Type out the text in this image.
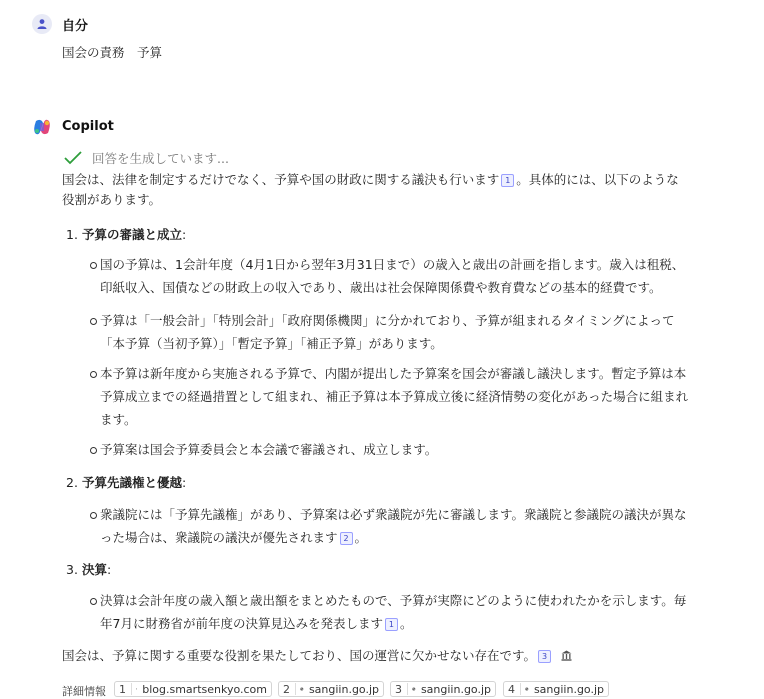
自分
国会の責務　予算
Copilot
回答を生成しています...
国会は、法律を制定するだけでなく、予算や国の財政に関する議決も行います 1 。具体的には、以下のような
役割があります。
1. 予算の審議と成立:
国の予算は、1会計年度（4月1日から翌年3月31日まで）の歳入と歳出の計画を指します。歳入は租税、
印紙収入、国債などの財政上の収入であり、歳出は社会保障関係費や教育費などの基本的経費です。
予算は「一般会計」「特別会計」「政府関係機関」に分かれており、予算が組まれるタイミングによって
「本予算（当初予算）」「暫定予算」「補正予算」があります。
本予算は新年度から実施される予算で、内閣が提出した予算案を国会が審議し議決します。暫定予算は本
予算成立までの経過措置として組まれ、補正予算は本予算成立後に経済情勢の変化があった場合に組まれ
ます。
予算案は国会予算委員会と本会議で審議され、成立します。
2. 予算先議権と優越:
衆議院には「予算先議権」があり、予算案は必ず衆議院が先に審議します。衆議院と参議院の議決が異な
った場合は、衆議院の議決が優先されます 2 。
3. 決算:
決算は会計年度の歳入額と歳出額をまとめたもので、予算が実際にどのように使われたかを示します。毎
年7月に財務省が前年度の決算見込みを発表します 1 。
国会は、予算に関する重要な役割を果たしており、国の運営に欠かせない存在です。 3
詳細情報 1 blog.smartsenkyo.com 2 sangiin.go.jp 3 sangiin.go.jp 4 sangiin.go.jp
